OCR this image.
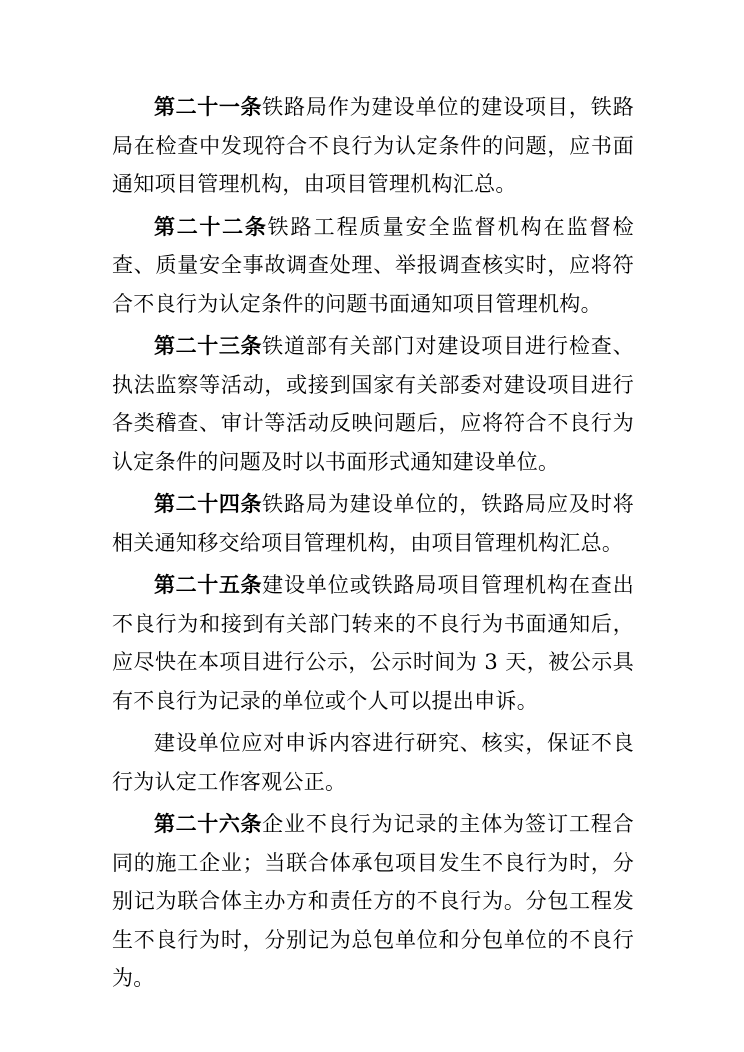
第二十一条铁路局作为建设单位的建设项目，铁路局在检查中发现符合不良行为认定条件的问题，应书面通知项目管理机构，由项目管理机构汇总。

第二十二条铁路工程质量安全监督机构在监督检查、质量安全事故调查处理、举报调查核实时，应将符合不良行为认定条件的问题书面通知项目管理机构。

第二十三条铁道部有关部门对建设项目进行检查、执法监察等活动，或接到国家有关部委对建设项目进行各类稽查、审计等活动反映问题后，应将符合不良行为认定条件的问题及时以书面形式通知建设单位。

第二十四条铁路局为建设单位的，铁路局应及时将相关通知移交给项目管理机构，由项目管理机构汇总。

第二十五条建设单位或铁路局项目管理机构在查出不良行为和接到有关部门转来的不良行为书面通知后，应尽快在本项目进行公示，公示时间为 3 天，被公示具有不良行为记录的单位或个人可以提出申诉。

建设单位应对申诉内容进行研究、核实，保证不良行为认定工作客观公正。

第二十六条企业不良行为记录的主体为签订工程合同的施工企业；当联合体承包项目发生不良行为时，分别记为联合体主办方和责任方的不良行为。分包工程发生不良行为时，分别记为总包单位和分包单位的不良行为。
